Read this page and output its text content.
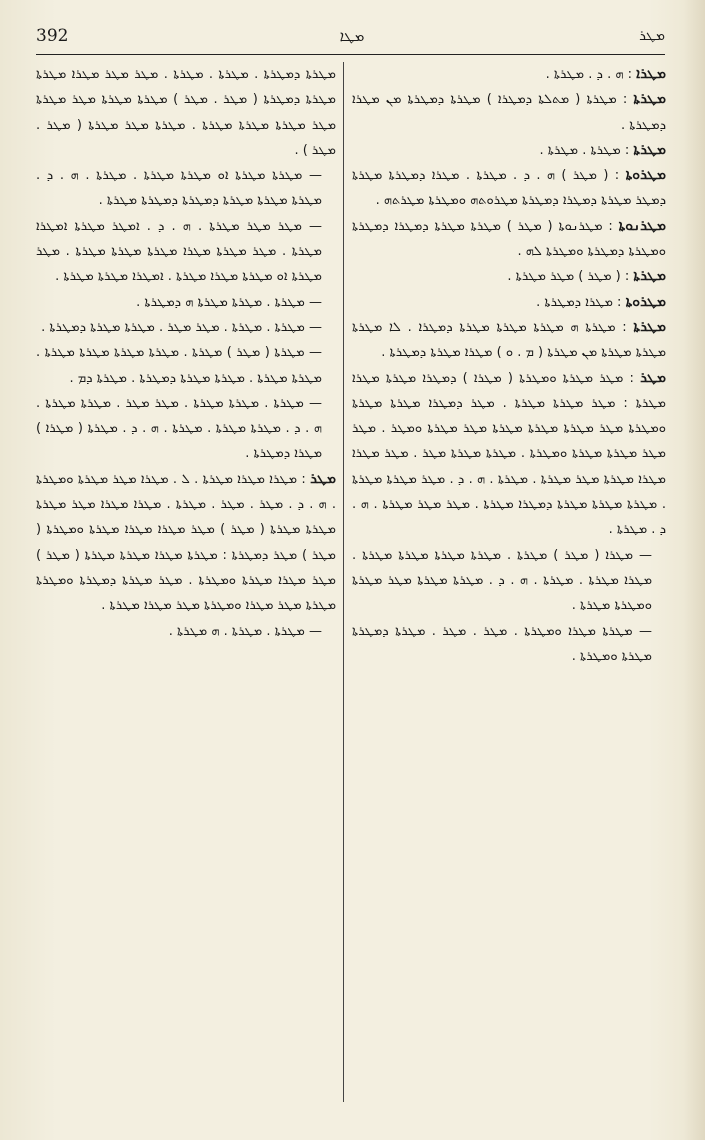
392	ܡܛܐ	ܡܛܪ

ܡܛܪܐ : ܗ . ܕ . ܡܛܪܬܐ .

ܡܛܪܬܐ : ܡܛܪܬܐ ( ܡܬܠܬܐ ܕܡܛܪܐ ) ܡܛܪܬܐ ܕܡܛܪܬܐ ܡܢ ܡܛܪܐ ܕܡܛܪܬܐ .

ܡܛܪܬܐ : ܡܛܪܬܐ . ܡܛܪܬܐ .

ܡܛܪܘܬܐ : ( ܡܛܪ ) ܗ . ܕ . ܡܛܪܬܐ . ܡܛܪܐ ܕܡܛܪܬܐ ܡܛܪܬܐ ܕܡܛܪ ܡܛܪܬܐ ܕܡܛܪܐ ܕܡܛܪܬܐ ܡܛܪܘܬܗ ܘܡܛܪܬܐ ܡܛܪܬܗ .

ܡܛܪܢܘܬܐ : ܡܛܪܢܘܬܐ ( ܡܛܪ ) ܡܛܪܬܐ ܡܛܪܬܐ ܕܡܛܪܐ ܕܡܛܪܬܐ ܘܡܛܪܬܐ ܕܡܛܪܬܐ ܘܡܛܪܬܐ ܠܗ .

ܡܛܪܬܐ : ( ܡܛܪ ) ܡܛܪ ܡܛܪܬܐ .

ܡܛܪܘܬܐ : ܡܛܪܐ ܕܡܛܪܬܐ .

ܡܛܪܬܐ : ܡܛܪܬܐ ܗ ܡܛܪܬܐ ܡܛܪܬܐ ܡܛܪܬܐ ܕܡܛܪܐ . ܠܐ ܡܛܪܬܐ ܡܛܪܬܐ ܡܛܪܬܐ ܡܢ ܡܛܪܬܐ ( ܡ . ܘ ) ܡܛܪܐ ܡܛܪܬܐ ܕܡܛܪܬܐ .

ܡܛܪ : ܡܛܪ ܡܛܪܬܐ ܘܡܛܪܬܐ ( ܡܛܪܐ ) ܕܡܛܪܐ ܡܛܪܬܐ ܡܛܪܐ ܡܛܪܬܐ : ܡܛܪ ܡܛܪܬܐ ܡܛܪܬܐ . ܡܛܪ ܕܡܛܪܐ ܡܛܪܬܐ ܡܛܪܬܐ ܘܡܛܪܬܐ ܡܛܪ ܡܛܪܬܐ ܡܛܪܬܐ ܡܛܪܬܐ ܡܛܪ ܡܛܪܬܐ ܘܡܛܪ . ܡܛܪ ܡܛܪ ܡܛܪܬܐ ܡܛܪܬܐ ܘܡܛܪܬܐ . ܡܛܪܬܐ ܡܛܪܬܐ ܡܛܪ . ܡܛܪ ܡܛܪܐ ܡܛܪܐ ܡܛܪܬܐ ܡܛܪ ܡܛܪܬܐ . ܡܛܪܬܐ . ܗ . ܕ . ܡܛܪ ܡܛܪܬܐ ܡܛܪܬܐ . ܡܛܪܬܐ ܡܛܪܬܐ ܡܛܪܬܐ ܕܡܛܪܐ ܡܛܪܬܐ . ܡܛܪ ܡܛܪ ܡܛܪܬܐ . ܗ . ܕ . ܡܛܪܬܐ .

— ܡܛܪܐ ( ܡܛܪ ) ܡܛܪܬܐ . ܡܛܪܬܐ ܡܛܪܬܐ ܡܛܪܬܐ ܡܛܪܬܐ . ܡܛܪܐ ܡܛܪܬܐ . ܡܛܪܬܐ . ܗ . ܕ . ܡܛܪܬܐ ܡܛܪܬܐ ܡܛܪ ܡܛܪܬܐ ܘܡܛܪܬܐ ܡܛܪܬܐ .

— ܡܛܪܬܐ ܡܛܪܐ ܘܡܛܪܬܐ . ܡܛܪ . ܡܛܪ . ܡܛܪܬܐ ܕܡܛܪܬܐ ܡܛܪܬܐ ܘܡܛܪܬܐ .

ܡܛܪܬܐ ܕܡܛܪܬܐ . ܡܛܪܬܐ . ܡܛܪܬܐ . ܡܛܪ ܡܛܪ ܡܛܪܐ ܡܛܪܬܐ ܡܛܪܬܐ ܕܡܛܪܬܐ ( ܡܛܪ . ܡܛܪ ) ܡܛܪܬܐ ܡܛܪܬܐ ܡܛܪ ܡܛܪܬܐ ܡܛܪ ܡܛܪܬܐ ܡܛܪܬܐ ܡܛܪܬܐ . ܡܛܪܬܐ ܡܛܪ ܡܛܪܬܐ ( ܡܛܪ . ܡܛܪ ) .

— ܡܛܪܬܐ ܡܛܪܬܐ ܐܘ ܡܛܪܬܐ ܡܛܪܬܐ . ܡܛܪܬܐ . ܗ . ܕ . ܡܛܪܬܐ ܡܛܪܬܐ ܡܛܪܬܐ ܕܡܛܪܬܐ ܕܡܛܪܬܐ ܡܛܪܬܐ .

— ܡܛܪ ܡܛܪ ܡܛܪܬܐ . ܗ . ܕ . ܐܡܛܪ ܡܛܪܬܐ ܐܡܛܪܐ ܡܛܪܬܐ . ܡܛܪ ܡܛܪܬܐ ܡܛܪܐ ܡܛܪܬܐ ܡܛܪܬܐ ܡܛܪܬܐ . ܡܛܪ ܡܛܪܬܐ ܐܘ ܡܛܪܬܐ ܡܛܪܐ ܡܛܪܬܐ . ܐܡܛܪܐ ܡܛܪܬܐ ܡܛܪܬܐ .

— ܡܛܪܬܐ . ܡܛܪܬܐ ܡܛܪܬܐ ܗ ܕܡܛܪܬܐ .

— ܡܛܪܬܐ . ܡܛܪܬܐ . ܡܛܪ ܡܛܪ . ܡܛܪܬܐ ܡܛܪܬܐ ܕܡܛܪܬܐ .

— ܡܛܪܬܐ ( ܡܛܪ ) ܡܛܪܬܐ . ܡܛܪܬܐ ܡܛܪܬܐ ܡܛܪܬܐ ܡܛܪܬܐ . ܡܛܪܬܐ ܡܛܪܬܐ . ܡܛܪܬܐ ܡܛܪܬܐ ܕܡܛܪܬܐ . ܡܛܪܬܐ ܕܡ .

— ܡܛܪܬܐ . ܡܛܪܬܐ ܡܛܪܬܐ . ܡܛܪ ܡܛܪ . ܡܛܪܬܐ ܡܛܪܬܐ . ܗ . ܕ . ܡܛܪܬܐ ܡܛܪܬܐ . ܡܛܪܬܐ . ܗ . ܕ . ܡܛܪܬܐ ( ܡܛܪܐ ) ܡܛܪܐ ܕܡܛܪܬܐ .

ܡܛܪ : ܡܛܪܐ ܡܛܪܐ ܡܛܪܬܐ . ܠ . ܡܛܪܐ ܡܛܪ ܡܛܪܬܐ ܘܡܛܪܬܐ . ܗ . ܕ . ܡܛܪ . ܡܛܪ . ܡܛܪܬܐ . ܡܛܪܐ ܡܛܪܐ ܡܛܪ ܡܛܪܬܐ ܡܛܪܬܐ ܡܛܪܬܐ ( ܡܛܪ ) ܡܛܪ ܡܛܪܐ ܡܛܪܐ ܡܛܪܬܐ ܘܡܛܪܬܐ ( ܡܛܪ ) ܡܛܪ ܕܡܛܪܬܐ : ܡܛܪܬܐ ܡܛܪܐ ܡܛܪܬܐ ܡܛܪܬܐ ( ܡܛܪ ) ܡܛܪ ܡܛܪܐ ܡܛܪܬܐ ܘܡܛܪܬܐ . ܡܛܪ ܡܛܪܬܐ ܕܡܛܪܬܐ ܘܡܛܪܬܐ ܡܛܪܬܐ ܡܛܪ ܡܛܪܐ ܘܡܛܪܬܐ ܡܛܪ ܡܛܪܐ ܡܛܪܬܐ .

— ܡܛܪܬܐ . ܡܛܪܬܐ . ܗ ܡܛܪܬܐ .
